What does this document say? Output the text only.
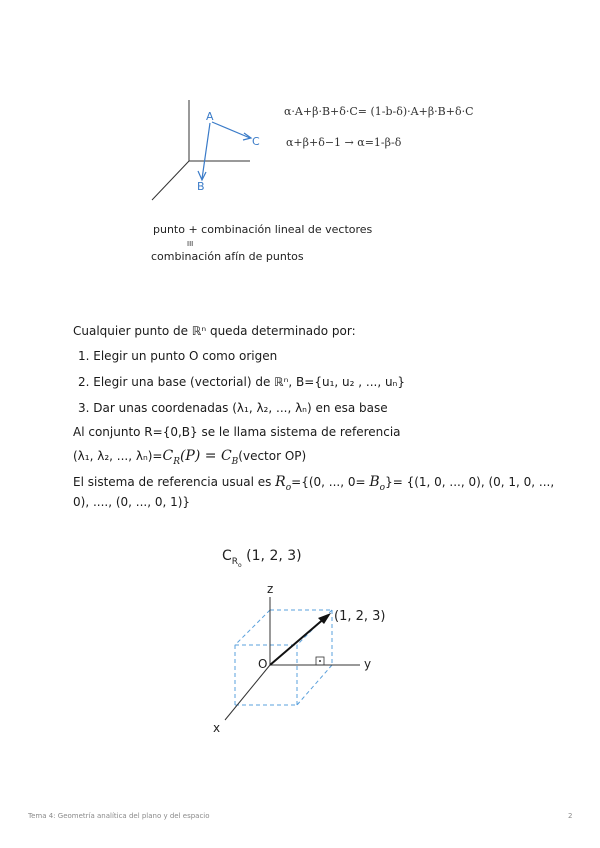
A
C
B
α·A+β·B+δ·C= (1-b-δ)·A+β·B+δ·C
α+β+δ−1 → α=1-β-δ
punto + combinación lineal de vectores
III
combinación afín de puntos
Cualquier punto de ℝⁿ queda determinado por:
1. Elegir un punto O como origen
2. Elegir una base (vectorial) de ℝⁿ, B={u₁, u₂ , ..., uₙ}
3. Dar unas coordenadas (λ₁, λ₂, ..., λₙ) en esa base
Al conjunto R={0,B} se le llama sistema de referencia
(λ₁, λ₂, ..., $\lambda_n)=C_R(P)$ = $C_B(vector$ OP)
El sistema de referencia usual es $R_o=\{(0$, ..., $0= B_o\}= \{(1$, 0, ..., 0), (0, 1, 0, ...,
0), ...., (0, ..., 0, 1)}
$C_{R_o}$ (1, 2, 3)
z
y
x
O
(1, 2, 3)
Tema 4: Geometría analítica del plano y del espacio	2
